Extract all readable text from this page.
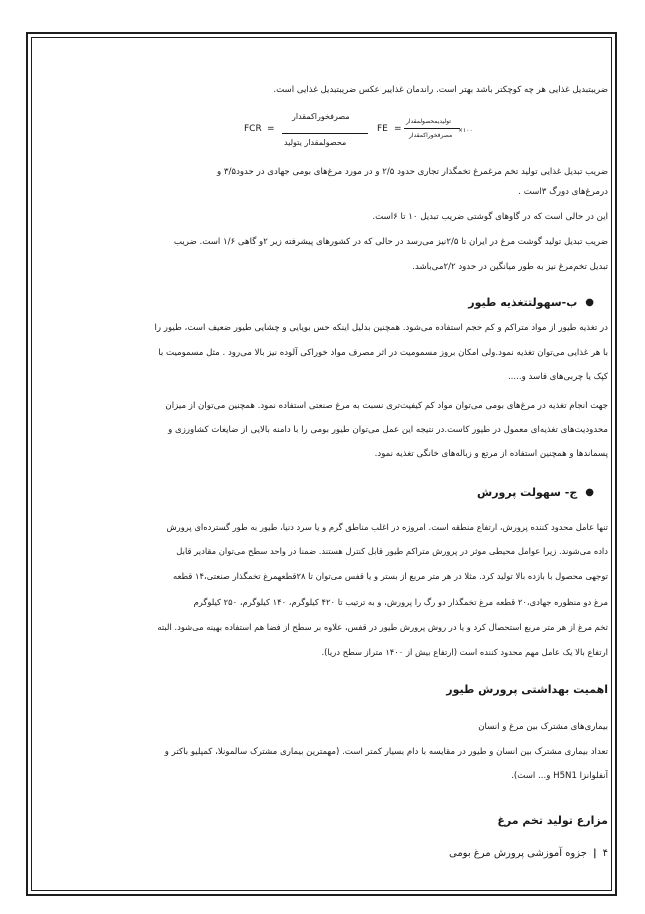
ضریبتبدیل غذایی هر چه کوچکتر باشد بهتر است. راندمان غذاییر عکس ضریبتبدیل غذایی است.
FCR =
مصرفخوراکمقدار
محصولمقدار یتولید
FE =
تولیدیمحصولمقدار
مصرفخوراکمقدار
×۱۰۰
ضریب تبدیل غذایی تولید تخم مرغمرغ تخمگذار تجاری حدود ۲/۵ و در مورد مرغ‌های بومی جهادی در حدود۳/۵ و
درمرغ‌های دورگ ۳است .
این در حالی است که در گاوهای گوشتی ضریب تبدیل ۱۰ تا ۶است.
ضریب تبدیل تولید گوشت مرغ در ایران تا ۲/۵نیز می‌رسد در حالی که در کشورهای پیشرفته زیر ۲و گاهی ۱/۶ است. ضریب
تبدیل تخم‌مرغ نیز به طور میانگین در حدود ۲/۲می‌باشد.
●
ب-سهولتتغذیه طیور
در تغذیه طیور از مواد متراکم و کم حجم استفاده می‌شود. همچنین بدلیل اینکه حس بویایی و چشایی طیور ضعیف است، طیور را
با هر غذایی می‌توان تغذیه نمود.ولی امکان بروز مسمومیت در اثر مصرف مواد خوراکی آلوده نیز بالا می‌رود . مثل مسمومیت با
کپک یا چربی‌های فاسد و.....
جهت انجام تغذیه در مرغ‌های بومی می‌توان مواد کم کیفیت‌تری نسبت به مرغ صنعتی استفاده نمود. همچنین می‌توان از میزان
محدودیت‌های تغذیه‌ای معمول در طیور کاست.در نتیجه این عمل می‌توان طیور بومی را با دامنه بالایی از ضایعات کشاورزی و
پسماندها و همچنین استفاده از مرتع و زباله‌های خانگی تغذیه نمود.
●
ج- سهولت پرورش
تنها عامل محدود کننده پرورش، ارتفاع منطقه است. امروزه در اغلب مناطق گرم و یا سرد دنیا، طیور به طور گسترده‌ای پرورش
داده می‌شوند. زیرا عوامل محیطی موثر در پرورش متراکم طیور قابل کنترل هستند. ضمنا در واحد سطح می‌توان مقادیر قابل
توجهی محصول با بازده بالا تولید کرد. مثلا در هر متر مربع از بستر و یا قفس می‌توان تا ۲۸قطعهمرغ تخمگذار صنعتی،۱۴ قطعه
مرغ دو منظوره جهادی،۲۰ قطعه مرغ تخمگذار دو رگ را پرورش، و به ترتیب تا ۴۲۰ کیلوگرم، ۱۴۰ کیلوگرم، ۲۵۰ کیلوگرم
تخم مرغ از هر متر مربع استحصال کرد و یا در روش پرورش طیور در قفس، علاوه بر سطح از فضا هم استفاده بهینه می‌شود. البته
ارتفاع بالا یک عامل مهم محدود کننده است (ارتفاع بیش از ۱۴۰۰ متراز سطح دریا).
اهمیت بهداشتی پرورش طیور
بیماری‌های مشترک بین مرغ و انسان
تعداد بیماری مشترک بین انسان و طیور در مقایسه با دام بسیار کمتر است. (مهمترین بیماری مشترک سالمونلا، کمپلیو باکتر و
آنفلوانزا H5N1 و... است).
مزارع تولید تخم مرغ
۴
|
جزوه آموزشی پرورش مرغ بومی
